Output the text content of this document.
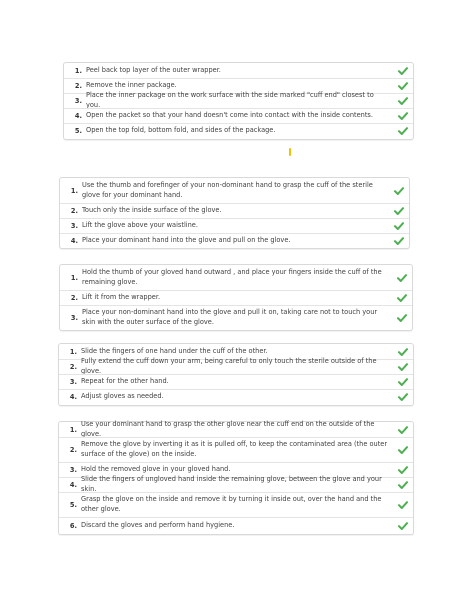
1. Peel back top layer of the outer wrapper.
2. Remove the inner package.
3.
Place the inner package on the work surface with the side marked "cuff end" closest to you.
4. Open the packet so that your hand doesn't come into contact with the inside contents.
5. Open the top fold, bottom fold, and sides of the package.
1.
Use the thumb and forefinger of your non-dominant hand to grasp the cuff of the sterile glove for your dominant hand.
2. Touch only the inside surface of the glove.
3. Lift the glove above your waistline.
4. Place your dominant hand into the glove and pull on the glove.
1.
Hold the thumb of your gloved hand outward , and place your fingers inside the cuff of the remaining glove.
2. Lift it from the wrapper.
3.
Place your non-dominant hand into the glove and pull it on, taking care not to touch your skin with the outer surface of the glove.
1. Slide the fingers of one hand under the cuff of the other.
2.
Fully extend the cuff down your arm, being careful to only touch the sterile outside of the glove.
3. Repeat for the other hand.
4. Adjust gloves as needed.
1.
Use your dominant hand to grasp the other glove near the cuff end on the outside of the glove.
2.
Remove the glove by inverting it as it is pulled off, to keep the contaminated area (the outer surface of the glove) on the inside.
3. Hold the removed glove in your gloved hand.
4.
Slide the fingers of ungloved hand inside the remaining glove, between the glove and your skin.
5.
Grasp the glove on the inside and remove it by turning it inside out, over the hand and the other glove.
6. Discard the gloves and perform hand hygiene.
